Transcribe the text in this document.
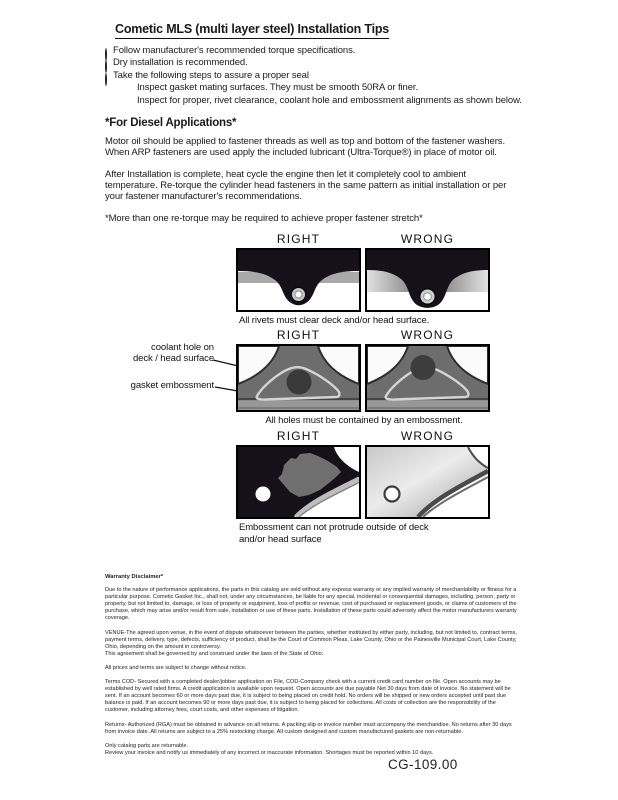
Cometic MLS (multi layer steel) Installation Tips
Follow manufacturer's recommended torque specifications.
Dry installation is recommended.
Take the following steps to assure a proper seal
Inspect gasket mating surfaces. They must be smooth 50RA or finer.
Inspect for proper, rivet clearance, coolant hole and embossment alignments as shown below.
*For Diesel Applications*

Motor oil should be applied to fastener threads as well as top and bottom of the fastener washers. When ARP fasteners are used apply the included lubricant (Ultra-Torque®) in place of motor oil.

After Installation is complete, heat cycle the engine then let it completely cool to ambient temperature. Re-torque the cylinder head fasteners in the same pattern as initial installation or per your fastener manufacturer's recommendations.

*More than one re-torque may be required to achieve proper fastener stretch*

RIGHT	WRONG
All rivets must clear deck and/or head surface.
coolant hole on
deck / head surface
gasket embossment
RIGHT	WRONG
All holes must be contained by an embossment.
RIGHT	WRONG
Embossment can not protrude outside of deck
and/or head surface

Warranty Disclaimer*

Due to the nature of performance applications, the parts in this catalog are sold without any express warranty or any implied warranty of merchantability or fitness for a particular purpose. Cometic Gasket Inc., shall not, under any circumstances, be liable for any special, incidental or consequential damages, including, person, party or property, but not limited to, damage, or loss of property or equipment, loss of profits or revenue, cost of purchased or replacement goods, or claims of customers of the purchase, which may arise and/or result from sale, installation or use of these parts. Installation of these parts could adversely affect the motor manufacturers warranty coverage.

VENUE-The agreed upon venue, in the event of dispute whatsoever between the parties, whether instituted by either party, including, but not limited to, contract terms, payment terms, delivery, type, defects, sufficiency of product, shall be the Court of Common Pleas, Lake County, Ohio or the Painesville Municipal Court, Lake County, Ohio, depending on the amount in controversy.

This agreement shall be governed by and construed under the laws of the State of Ohio.

All prices and terms are subject to change without notice.

Terms COD- Secured with a completed dealer/jobber application on File, COD-Company check with a current credit card number on file. Open accounts may be established by well rated firms. A credit application is available upon request. Open accounts are due payable Net 30 days from date of invoice. No statement will be sent. If an account becomes 60 or more days past due, it is subject to being placed on credit hold. No orders will be shipped or new orders accepted until past due balance is paid. If an account becomes 90 or more days past due, it is subject to being placed for collections. All costs of collection are the responsibility of the customer, including attorney fees, court costs, and other expenses of litigation.

Returns- Authorized (RGA) must be obtained in advance on all returns. A packing slip or invoice number must accompany the merchandise. No returns after 30 days from invoice date. All returns are subject to a 25% restocking charge. All custom designed and custom manufactured gaskets are non-returnable.

Only catalog parts are returnable.

Review your invoice and notify us immediately of any incorrect or inaccurate information. Shortages must be reported within 10 days.

CG-109.00
